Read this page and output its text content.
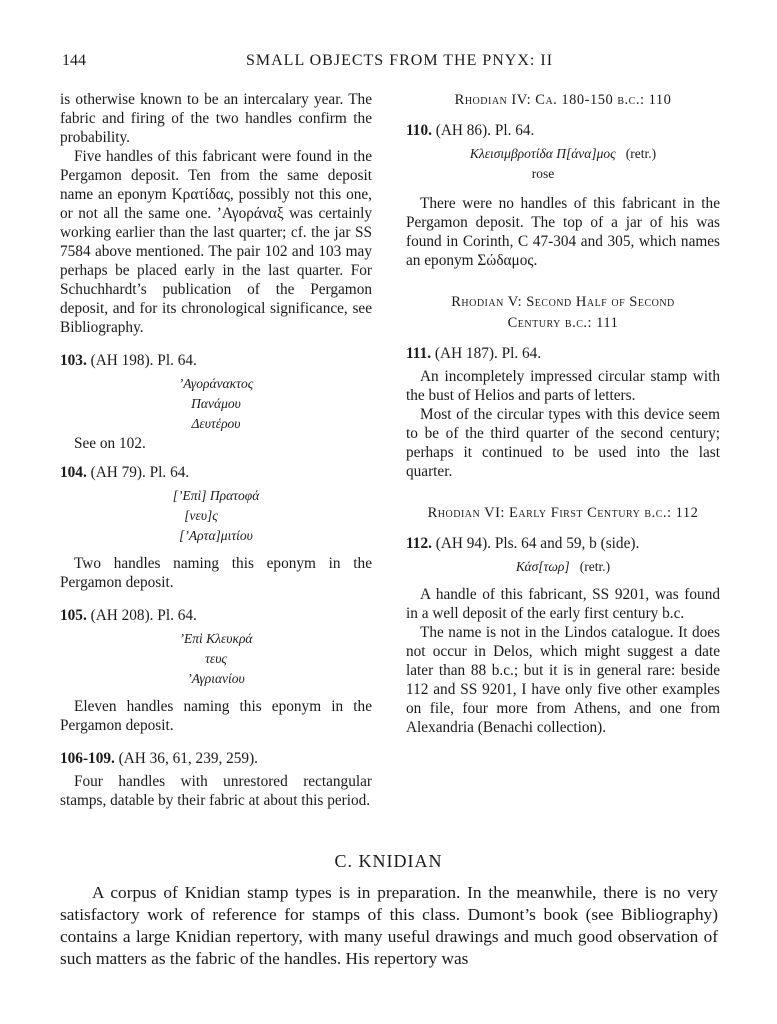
144	SMALL OBJECTS FROM THE PNYX: II

is otherwise known to be an intercalary year. The fabric and firing of the two handles confirm the probability.

Five handles of this fabricant were found in the Pergamon deposit. Ten from the same deposit name an eponym Κρατίδας, possibly not this one, or not all the same one. ’Αγοράναξ was certainly working earlier than the last quarter; cf. the jar SS 7584 above mentioned. The pair 102 and 103 may perhaps be placed early in the last quarter. For Schuchhardt’s publication of the Pergamon deposit, and for its chronological significance, see Bibliography.

103. (AH 198). Pl. 64.
’Αγοράνακτος
Πανάμου
Δευτέρου

See on 102.

104. (AH 79). Pl. 64.
[’Επὶ] Πρατοφά
[νευ]ς
[’Αρτα]μιτίου

Two handles naming this eponym in the Pergamon deposit.

105. (AH 208). Pl. 64.
’Επὶ Κλευκρά
τευς
’Αγριανίου

Eleven handles naming this eponym in the Pergamon deposit.

106-109. (AH 36, 61, 239, 259).

Four handles with unrestored rectangular stamps, datable by their fabric at about this period.

Rhodian IV: Ca. 180-150 b.c.: 110
110. (AH 86). Pl. 64.
Κλεισιμβροτίδα Π[άνα]μος (retr.)
rose

There were no handles of this fabricant in the Pergamon deposit. The top of a jar of his was found in Corinth, C 47-304 and 305, which names an eponym Σώδαμος.

Rhodian V: Second Half of Second
Century b.c.: 111
111. (AH 187). Pl. 64.

An incompletely impressed circular stamp with the bust of Helios and parts of letters.

Most of the circular types with this device seem to be of the third quarter of the second century; perhaps it continued to be used into the last quarter.

Rhodian VI: Early First Century b.c.: 112
112. (AH 94). Pls. 64 and 59, b (side).
Κάσ[τωρ] (retr.)

A handle of this fabricant, SS 9201, was found in a well deposit of the early first century b.c.

The name is not in the Lindos catalogue. It does not occur in Delos, which might suggest a date later than 88 b.c.; but it is in general rare: beside 112 and SS 9201, I have only five other examples on file, four more from Athens, and one from Alexandria (Benachi collection).

C. KNIDIAN

A corpus of Knidian stamp types is in preparation. In the meanwhile, there is no very satisfactory work of reference for stamps of this class. Dumont’s book (see Bibliography) contains a large Knidian repertory, with many useful drawings and much good observation of such matters as the fabric of the handles. His repertory was
